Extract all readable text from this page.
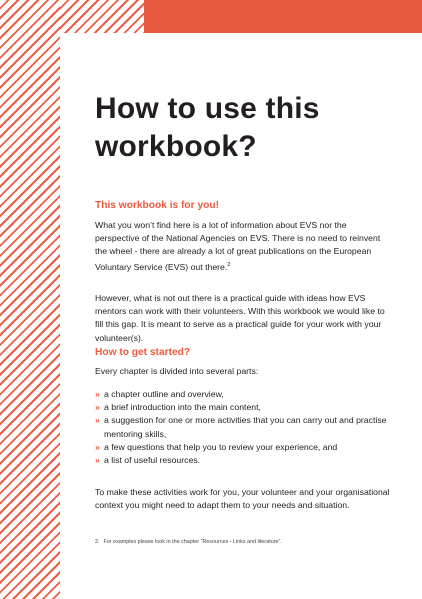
How to use this
workbook?
This workbook is for you!

What you won’t find here is a lot of information about EVS nor the perspective of the National Agencies on EVS. There is no need to reinvent the wheel - there are already a lot of great publications on the European Voluntary Service (EVS) out there.$^2$

However, what is not out there is a practical guide with ideas how EVS mentors can work with their volunteers. With this workbook we would like to fill this gap. It is meant to serve as a practical guide for your work with your volunteer(s).

How to get started?

Every chapter is divided into several parts:

» a chapter outline and overview,
» a brief introduction into the main content,
» a suggestion for one or more activities that you can carry out and practise mentoring skills,
» a few questions that help you to review your experience, and
» a list of useful resources.

To make these activities work for you, your volunteer and your organisational context you might need to adapt them to your needs and situation.

2. For examples please look in the chapter “Resources - Links and literature”.
